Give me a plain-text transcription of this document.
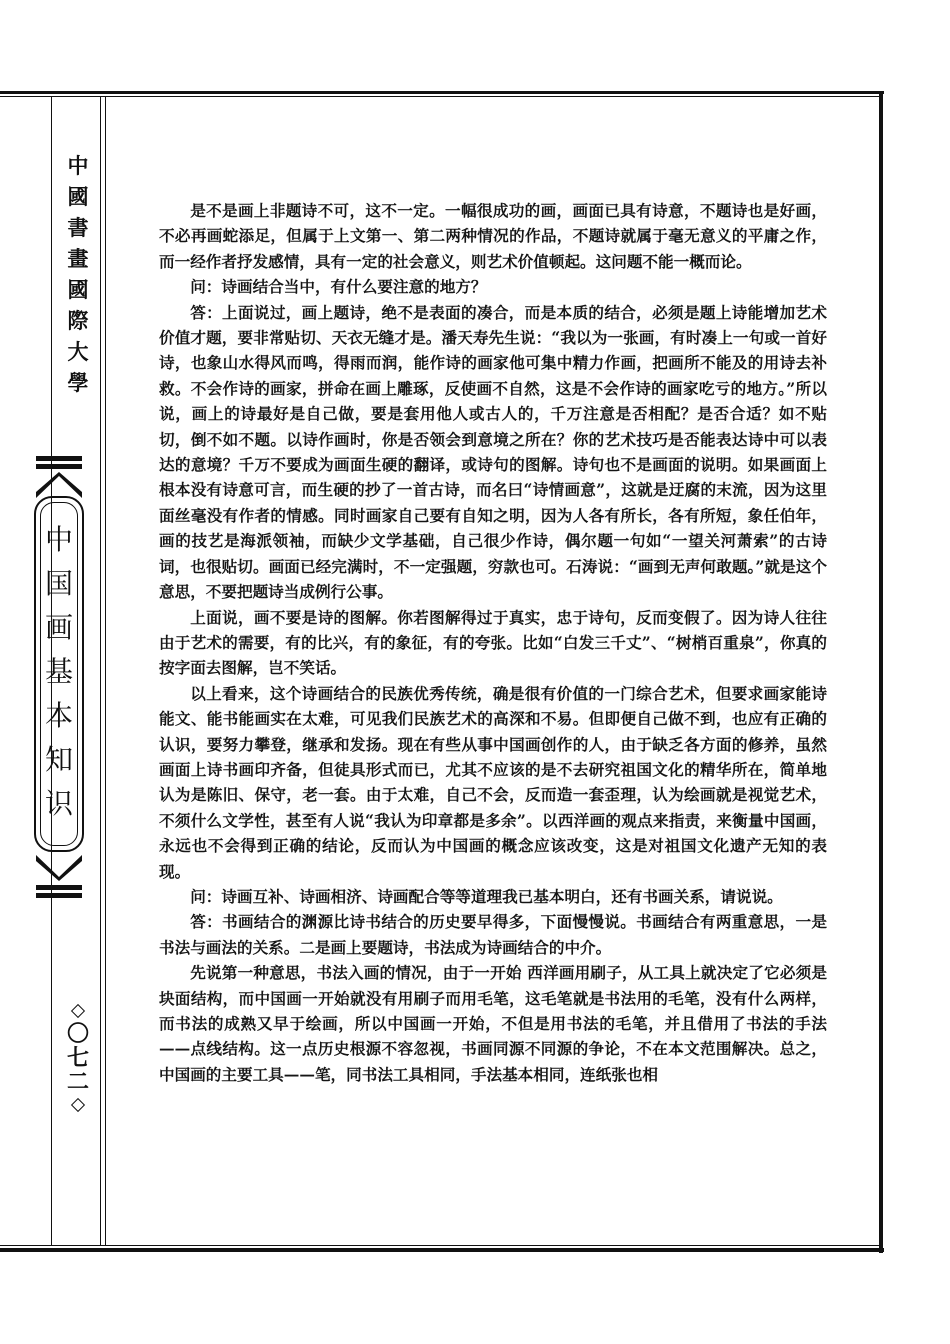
中
國
書
畫
國
際
大
學
中
国
画
基
本
知
识
〇
七
二

是不是画上非题诗不可，这不一定。一幅很成功的画，画面已具有诗意，不题诗也是好画，不必再画蛇添足，但属于上文第一、第二两种情况的作品，不题诗就属于毫无意义的平庸之作，而一经作者抒发感情，具有一定的社会意义，则艺术价值顿起。这问题不能一概而论。

问：诗画结合当中，有什么要注意的地方？

答：上面说过，画上题诗，绝不是表面的凑合，而是本质的结合，必须是题上诗能增加艺术价值才题，要非常贴切、天衣无缝才是。潘天寿先生说：“我以为一张画，有时凑上一句或一首好诗，也象山水得风而鸣，得雨而润，能作诗的画家他可集中精力作画，把画所不能及的用诗去补救。不会作诗的画家，拼命在画上雕琢，反使画不自然，这是不会作诗的画家吃亏的地方。”所以说，画上的诗最好是自己做，要是套用他人或古人的，千万注意是否相配？是否合适？如不贴切，倒不如不题。以诗作画时，你是否领会到意境之所在？你的艺术技巧是否能表达诗中可以表达的意境？千万不要成为画面生硬的翻译，或诗句的图解。诗句也不是画面的说明。如果画面上根本没有诗意可言，而生硬的抄了一首古诗，而名曰“诗情画意”，这就是迂腐的末流，因为这里面丝毫没有作者的情感。同时画家自己要有自知之明，因为人各有所长，各有所短，象任伯年，画的技艺是海派领袖，而缺少文学基础，自己很少作诗，偶尔题一句如“一望关河萧索”的古诗词，也很贴切。画面已经完满时，不一定强题，穷款也可。石涛说：“画到无声何敢题。”就是这个意思，不要把题诗当成例行公事。

上面说，画不要是诗的图解。你若图解得过于真实，忠于诗句，反而变假了。因为诗人往往由于艺术的需要，有的比兴，有的象征，有的夸张。比如“白发三千丈”、“树梢百重泉”，你真的按字面去图解，岂不笑话。

以上看来，这个诗画结合的民族优秀传统，确是很有价值的一门综合艺术，但要求画家能诗能文、能书能画实在太难，可见我们民族艺术的高深和不易。但即便自己做不到，也应有正确的认识，要努力攀登，继承和发扬。现在有些从事中国画创作的人，由于缺乏各方面的修养，虽然画面上诗书画印齐备，但徒具形式而已，尤其不应该的是不去研究祖国文化的精华所在，简单地认为是陈旧、保守，老一套。由于太难，自己不会，反而造一套歪理，认为绘画就是视觉艺术，不须什么文学性，甚至有人说“我认为印章都是多余”。以西洋画的观点来指责，来衡量中国画，永远也不会得到正确的结论，反而认为中国画的概念应该改变，这是对祖国文化遗产无知的表现。

问：诗画互补、诗画相济、诗画配合等等道理我已基本明白，还有书画关系，请说说。

答：书画结合的渊源比诗书结合的历史要早得多，下面慢慢说。书画结合有两重意思，一是书法与画法的关系。二是画上要题诗，书法成为诗画结合的中介。

先说第一种意思，书法入画的情况，由于一开始 西洋画用刷子，从工具上就决定了它必须是块面结构，而中国画一开始就没有用刷子而用毛笔，这毛笔就是书法用的毛笔，没有什么两样，而书法的成熟又早于绘画，所以中国画一开始，不但是用书法的毛笔，并且借用了书法的手法——点线结构。这一点历史根源不容忽视，书画同源不同源的争论，不在本文范围解决。总之，中国画的主要工具——笔，同书法工具相同，手法基本相同，连纸张也相
